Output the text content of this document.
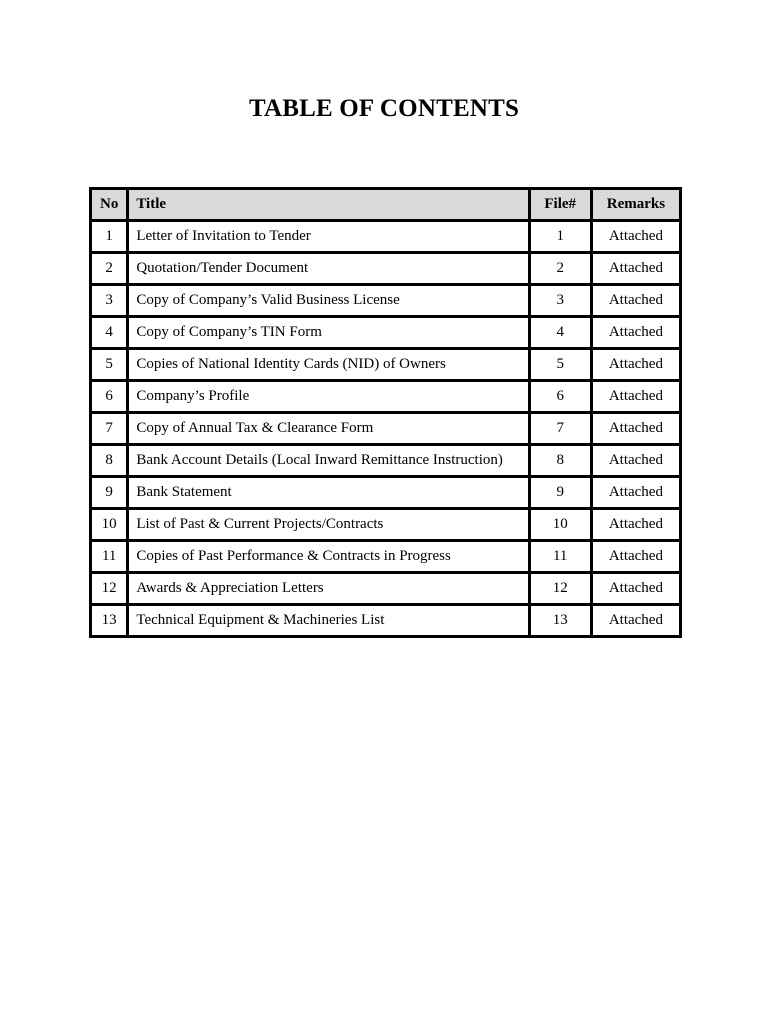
TABLE OF CONTENTS
No	Title	File#	Remarks
1	Letter of Invitation to Tender	1	Attached
2	Quotation/Tender Document	2	Attached
3	Copy of Company’s Valid Business License	3	Attached
4	Copy of Company’s TIN Form	4	Attached
5	Copies of National Identity Cards (NID) of Owners	5	Attached
6	Company’s Profile	6	Attached
7	Copy of Annual Tax & Clearance Form	7	Attached
8	Bank Account Details (Local Inward Remittance Instruction)	8	Attached
9	Bank Statement	9	Attached
10	List of Past & Current Projects/Contracts	10	Attached
11	Copies of Past Performance & Contracts in Progress	11	Attached
12	Awards & Appreciation Letters	12	Attached
13	Technical Equipment & Machineries List	13	Attached
